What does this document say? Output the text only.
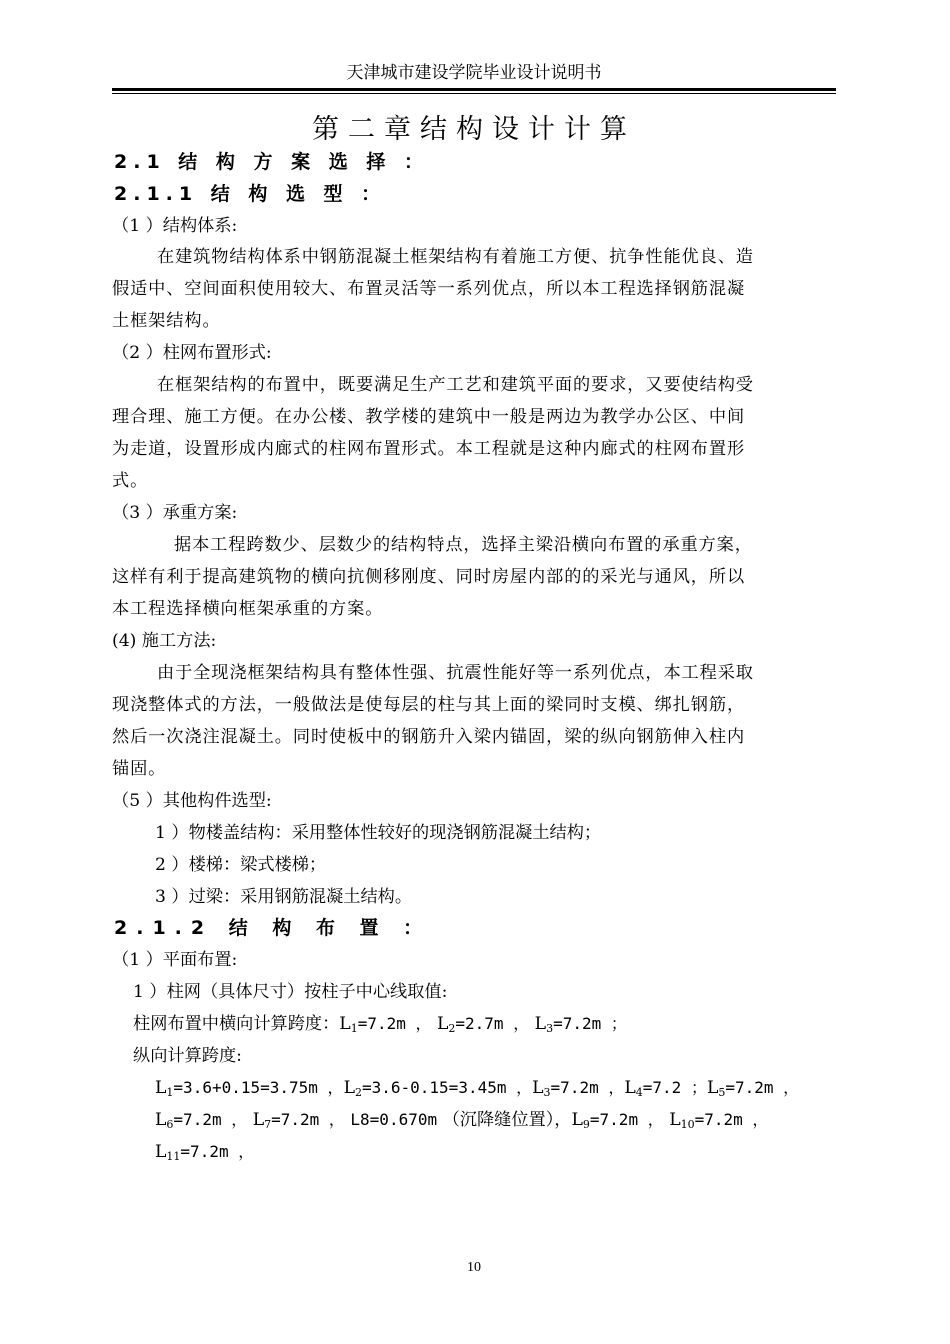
天津城市建设学院毕业设计说明书
第二章结构设计计算
2.1 结 构 方 案 选 择 ：
2.1.1 结 构 选 型 ：
（1 ）结构体系:
在建筑物结构体系中钢筋混凝土框架结构有着施工方便、抗争性能优良、造
假适中、空间面积使用较大、布置灵活等一系列优点，所以本工程选择钢筋混凝
土框架结构。
（2 ）柱网布置形式:
在框架结构的布置中，既要满足生产工艺和建筑平面的要求，又要使结构受
理合理、施工方便。在办公楼、教学楼的建筑中一般是两边为教学办公区、中间
为走道，设置形成内廊式的柱网布置形式。本工程就是这种内廊式的柱网布置形
式。
（3 ）承重方案:
据本工程跨数少、层数少的结构特点，选择主梁沿横向布置的承重方案，
这样有利于提高建筑物的横向抗侧移刚度、同时房屋内部的的采光与通风，所以
本工程选择横向框架承重的方案。
(4) 施工方法:
由于全现浇框架结构具有整体性强、抗震性能好等一系列优点，本工程采取
现浇整体式的方法，一般做法是使每层的柱与其上面的梁同时支模、绑扎钢筋，
然后一次浇注混凝土。同时使板中的钢筋升入梁内锚固，梁的纵向钢筋伸入柱内
锚固。
（5 ）其他构件选型:
1 ）物楼盖结构：采用整体性较好的现浇钢筋混凝土结构；
2 ）楼梯：梁式楼梯；
3 ）过梁：采用钢筋混凝土结构。
2.1.2 结 构 布 置 ：
（1 ）平面布置:
1 ）柱网（具体尺寸）按柱子中心线取值:
柱网布置中横向计算跨度：$L_1=7.2m$ ， $L_2=2.7m$ ， $L_3=7.2m$ ；
纵向计算跨度:
$L_1=3.6+0.15=3.75m$ ，$L_2=3.6-0.15=3.45m$ ，$L_3=7.2m$ ，$L_4=7.2$ ；$L_5=7.2m$ ，
$L_6=7.2m$ ， $L_7=7.2m$ ， L8=0.670m （沉降缝位置），$L_9=7.2m$ ， $L_{10}=7.2m$ ，
$L_{11}=7.2m$ ，
10
